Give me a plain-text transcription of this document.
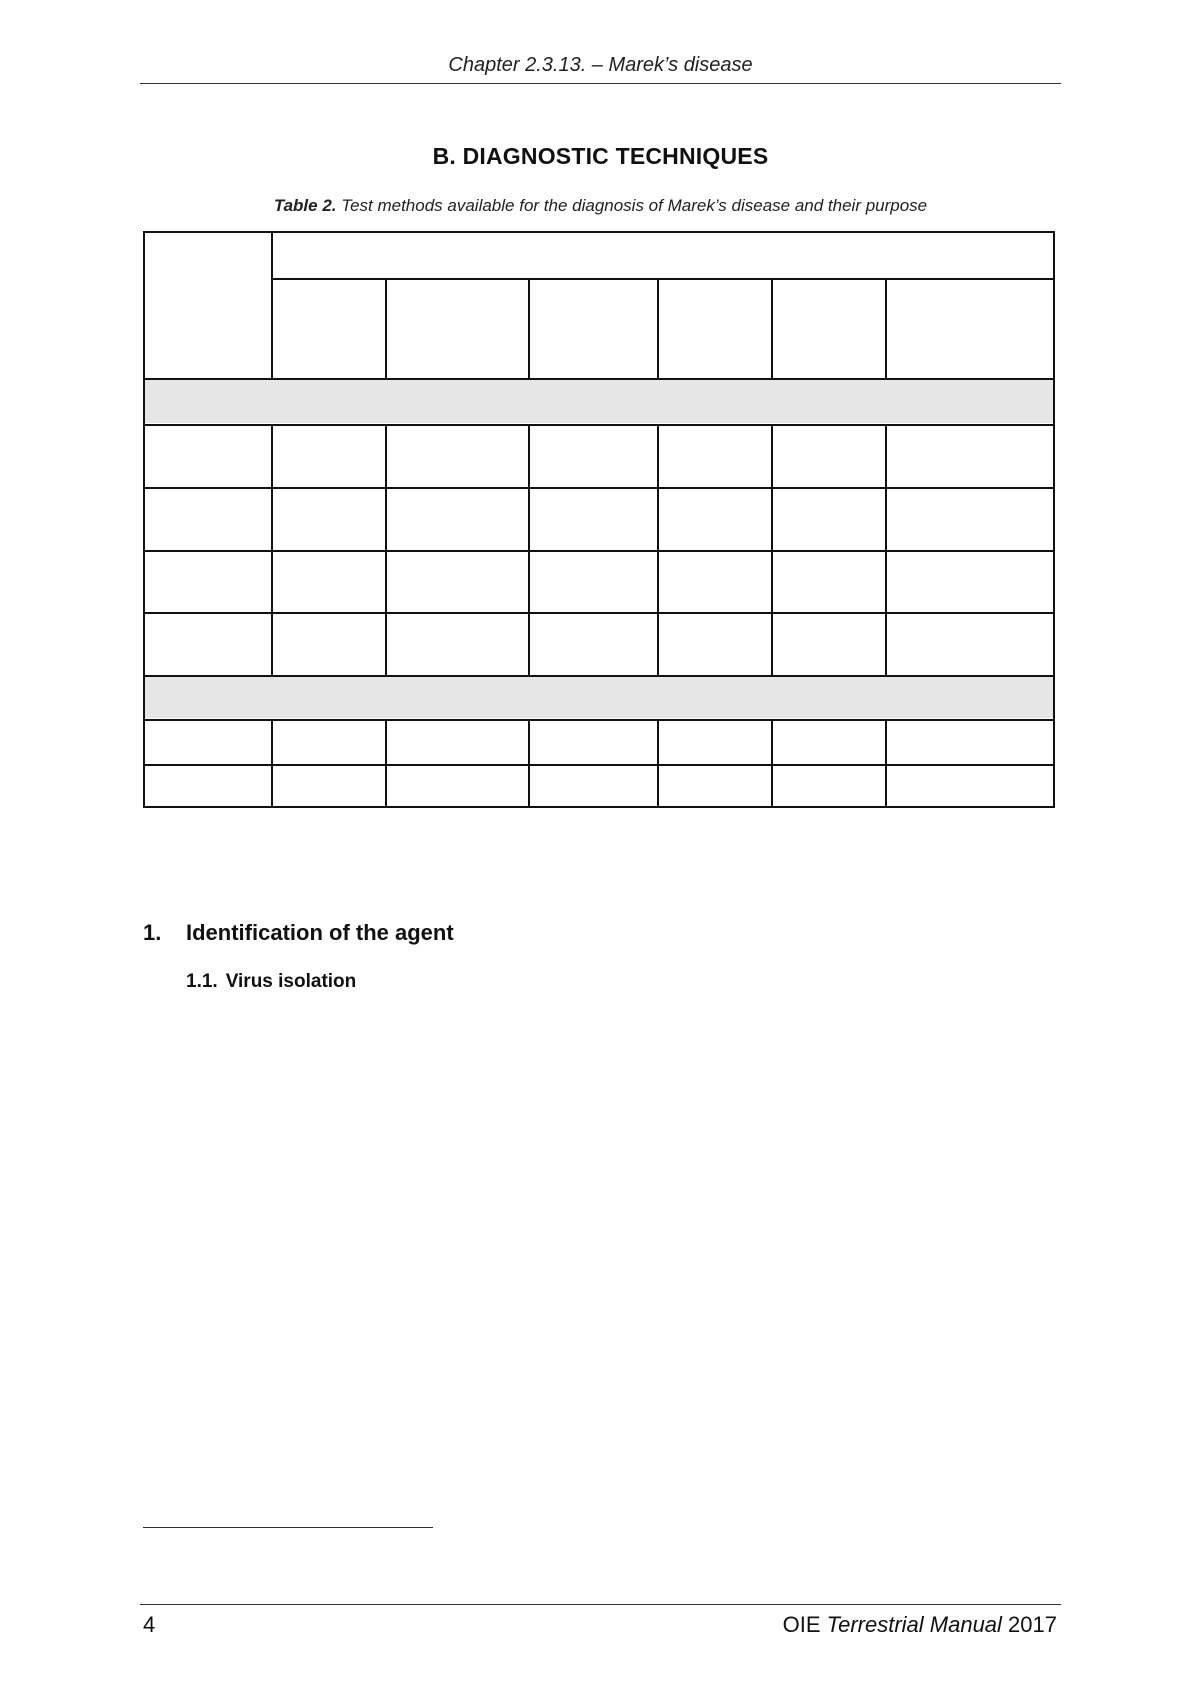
Chapter 2.3.13. – Marek’s disease
B. DIAGNOSTIC TECHNIQUES
Table 2. Test methods available for the diagnosis of Marek’s disease and their purpose
1. Identification of the agent
1.1. Virus isolation
4	OIE Terrestrial Manual 2017
